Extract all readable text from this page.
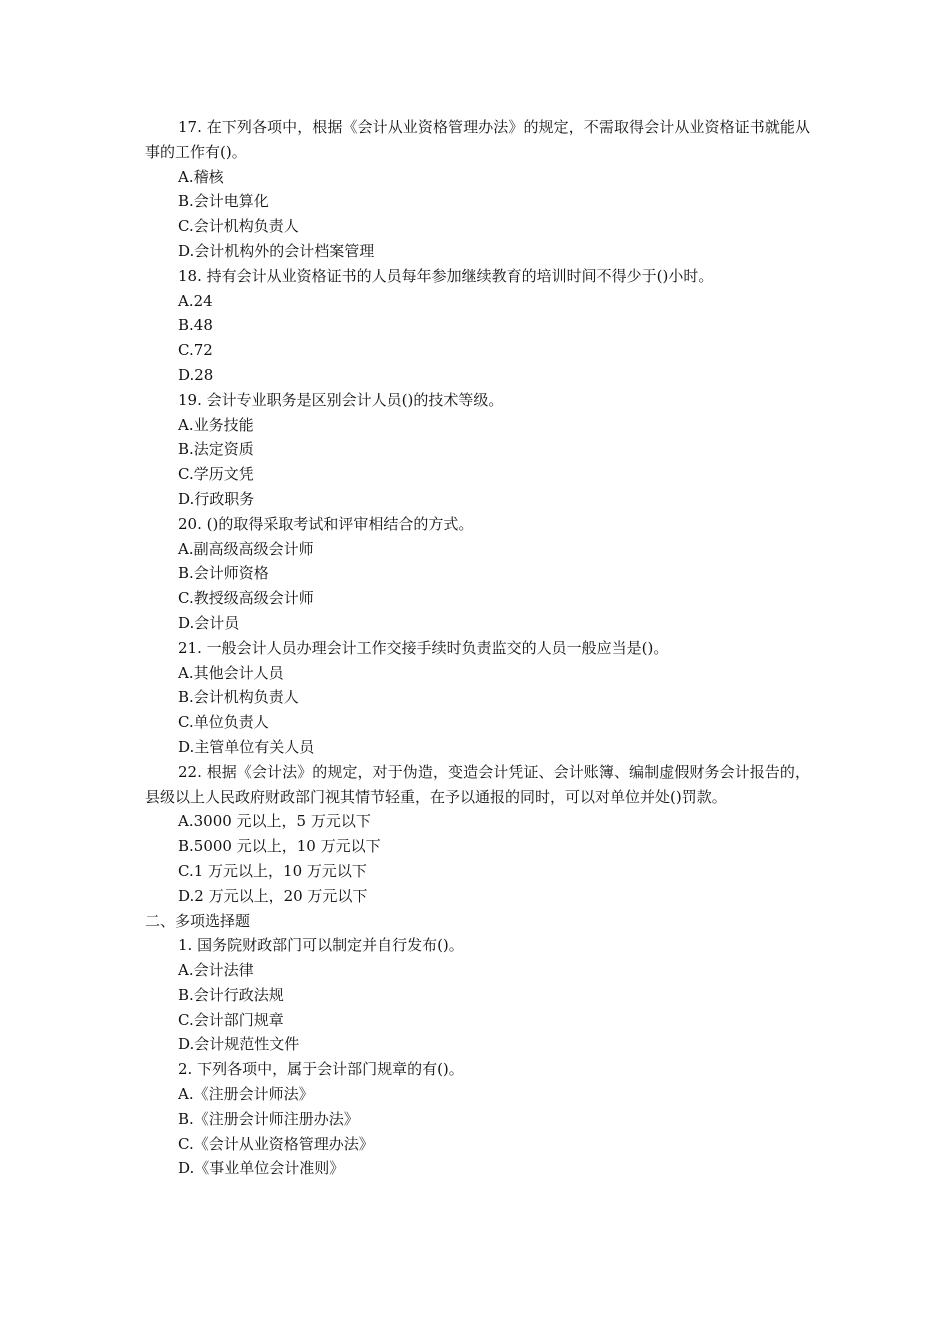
17. 在下列各项中，根据《会计从业资格管理办法》的规定，不需取得会计从业资格证书就能从事的工作有()。
A.稽核
B.会计电算化
C.会计机构负责人
D.会计机构外的会计档案管理
18. 持有会计从业资格证书的人员每年参加继续教育的培训时间不得少于()小时。
A.24
B.48
C.72
D.28
19. 会计专业职务是区别会计人员()的技术等级。
A.业务技能
B.法定资质
C.学历文凭
D.行政职务
20. ()的取得采取考试和评审相结合的方式。
A.副高级高级会计师
B.会计师资格
C.教授级高级会计师
D.会计员
21. 一般会计人员办理会计工作交接手续时负责监交的人员一般应当是()。
A.其他会计人员
B.会计机构负责人
C.单位负责人
D.主管单位有关人员
22. 根据《会计法》的规定，对于伪造，变造会计凭证、会计账簿、编制虚假财务会计报告的，县级以上人民政府财政部门视其情节轻重，在予以通报的同时，可以对单位并处()罚款。
A.3000 元以上，5 万元以下
B.5000 元以上，10 万元以下
C.1 万元以上，10 万元以下
D.2 万元以上，20 万元以下
二、多项选择题
1. 国务院财政部门可以制定并自行发布()。
A.会计法律
B.会计行政法规
C.会计部门规章
D.会计规范性文件
2. 下列各项中，属于会计部门规章的有()。
A.《注册会计师法》
B.《注册会计师注册办法》
C.《会计从业资格管理办法》
D.《事业单位会计准则》
